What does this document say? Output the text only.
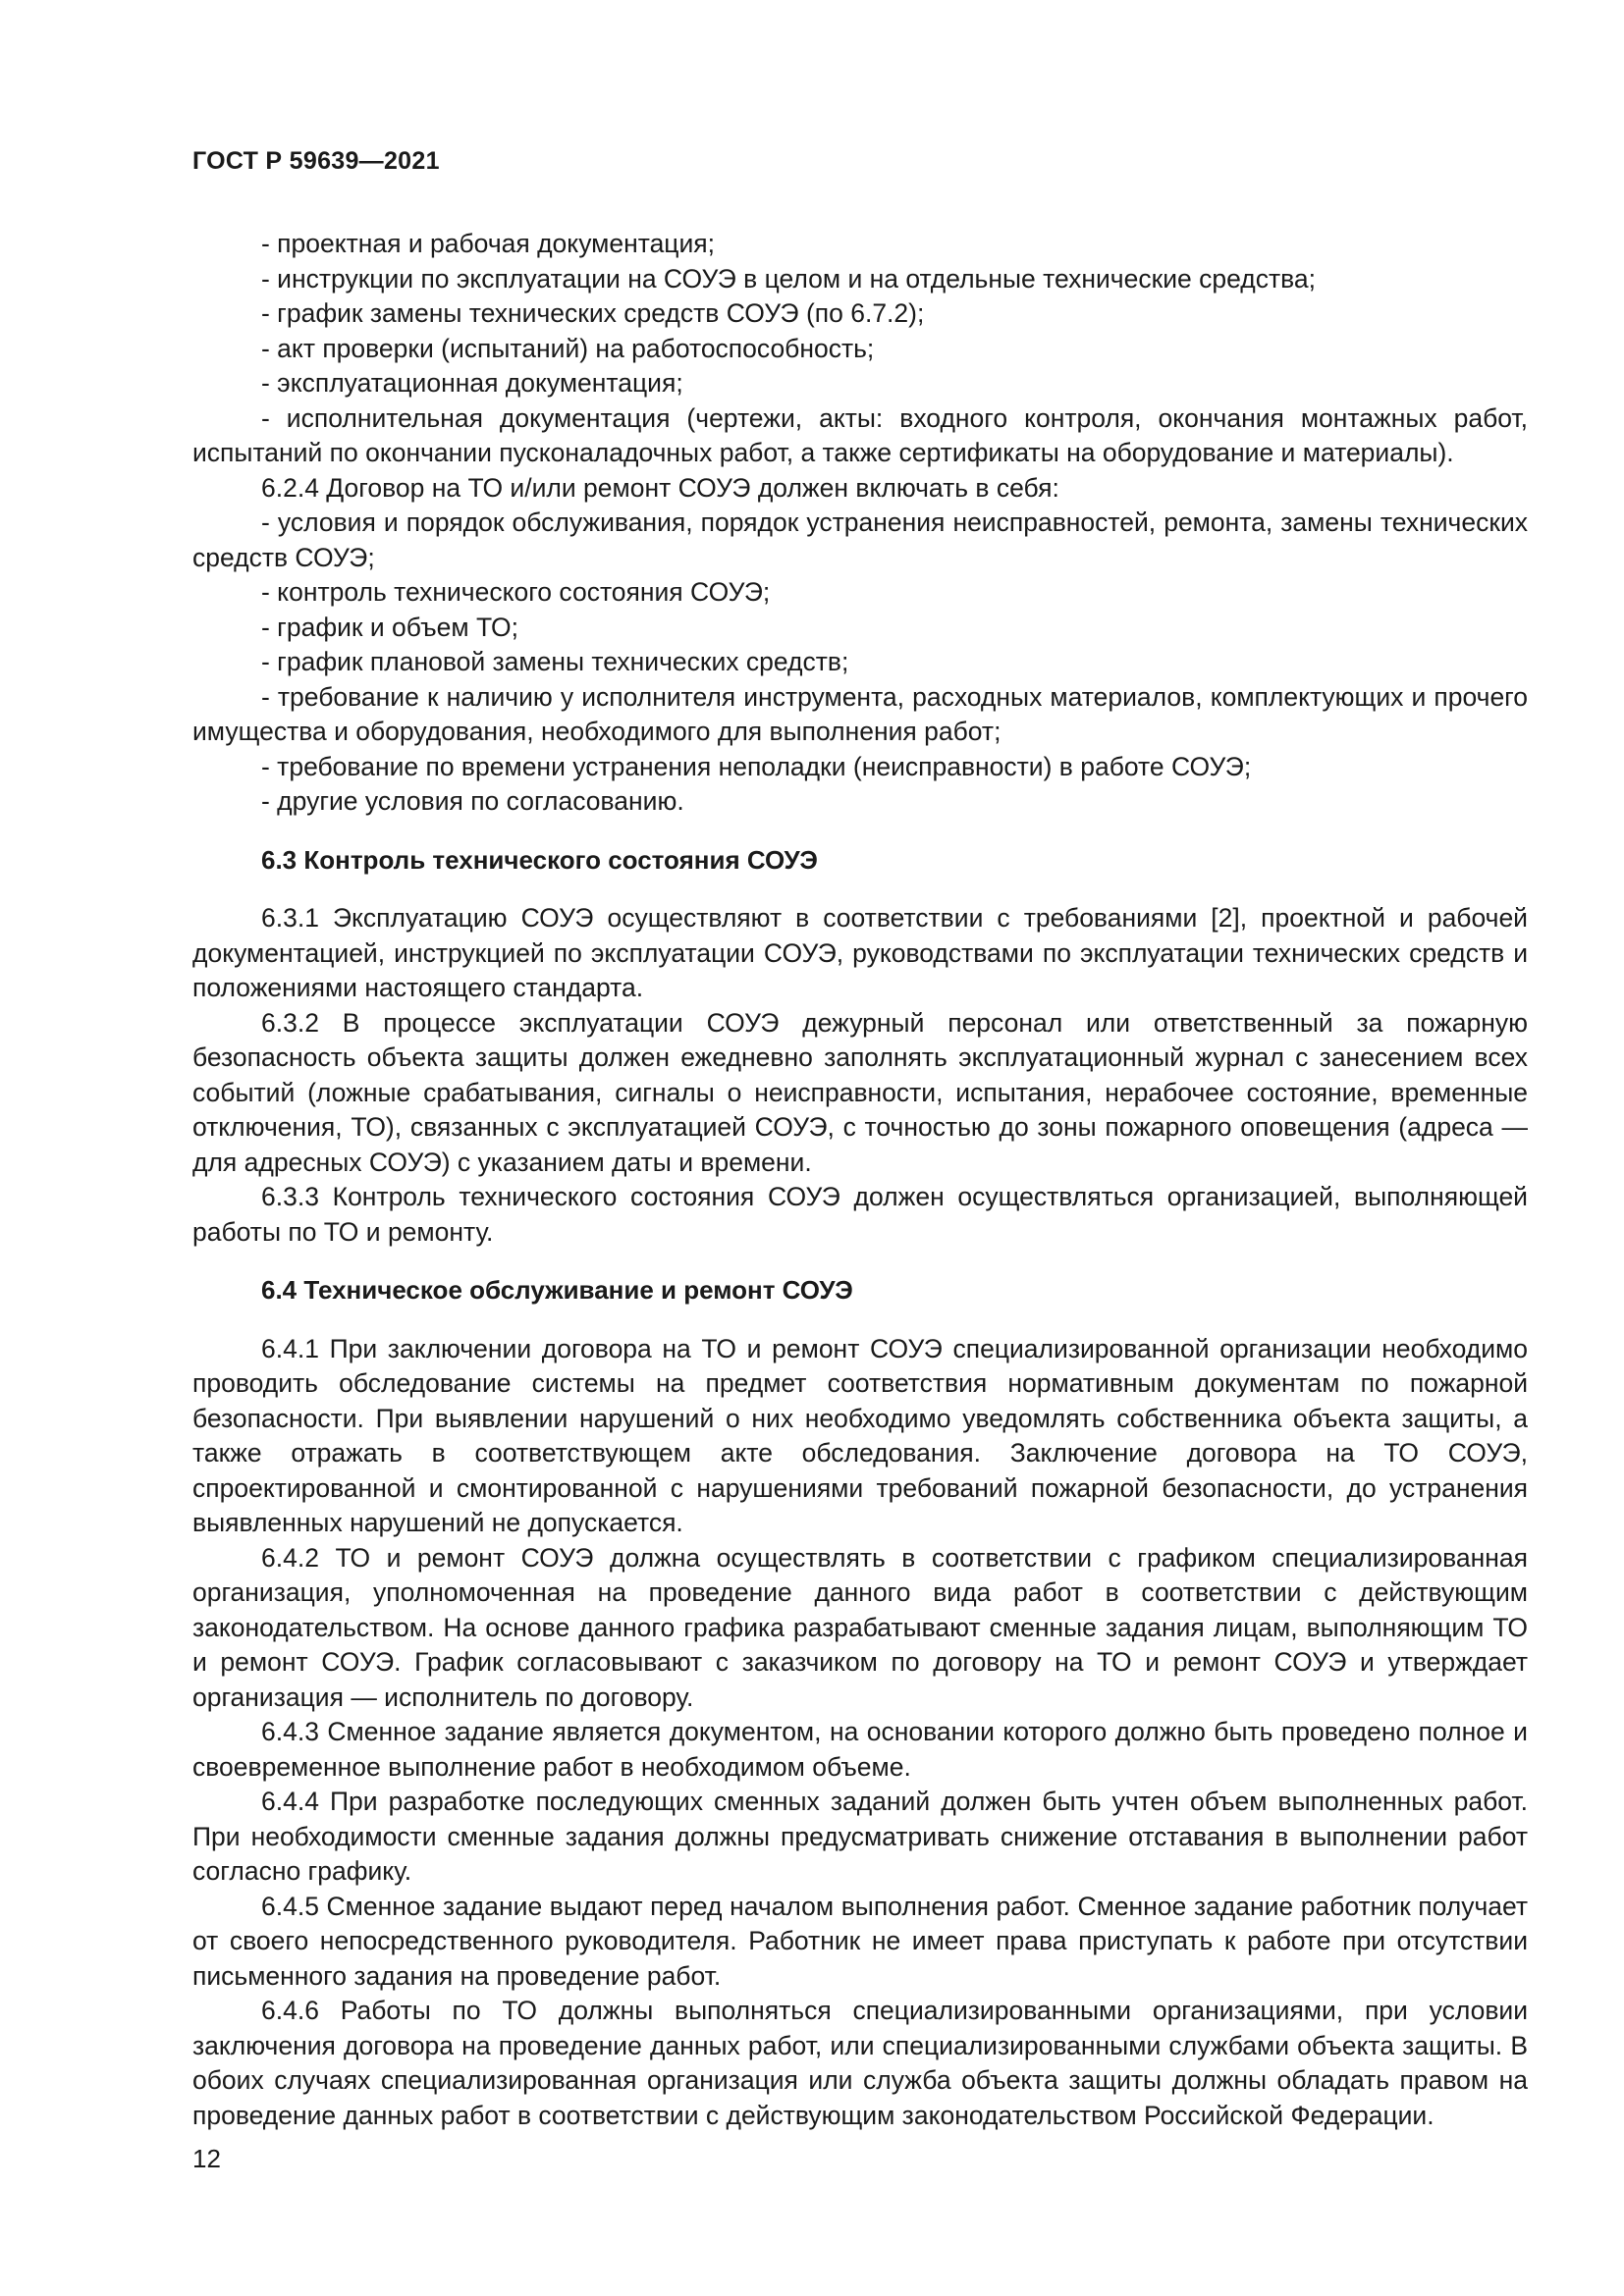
ГОСТ Р 59639—2021

- проектная и рабочая документация;

- инструкции по эксплуатации на СОУЭ в целом и на отдельные технические средства;

- график замены технических средств СОУЭ (по 6.7.2);

- акт проверки (испытаний) на работоспособность;

- эксплуатационная документация;

- исполнительная документация (чертежи, акты: входного контроля, окончания монтажных работ, испытаний по окончании пусконаладочных работ, а также сертификаты на оборудование и материалы).

6.2.4 Договор на ТО и/или ремонт СОУЭ должен включать в себя:

- условия и порядок обслуживания, порядок устранения неисправностей, ремонта, замены технических средств СОУЭ;

- контроль технического состояния СОУЭ;

- график и объем ТО;

- график плановой замены технических средств;

- требование к наличию у исполнителя инструмента, расходных материалов, комплектующих и прочего имущества и оборудования, необходимого для выполнения работ;

- требование по времени устранения неполадки (неисправности) в работе СОУЭ;

- другие условия по согласованию.

6.3 Контроль технического состояния СОУЭ

6.3.1 Эксплуатацию СОУЭ осуществляют в соответствии с требованиями [2], проектной и рабочей документацией, инструкцией по эксплуатации СОУЭ, руководствами по эксплуатации технических средств и положениями настоящего стандарта.

6.3.2 В процессе эксплуатации СОУЭ дежурный персонал или ответственный за пожарную безопасность объекта защиты должен ежедневно заполнять эксплуатационный журнал с занесением всех событий (ложные срабатывания, сигналы о неисправности, испытания, нерабочее состояние, временные отключения, ТО), связанных с эксплуатацией СОУЭ, с точностью до зоны пожарного оповещения (адреса — для адресных СОУЭ) с указанием даты и времени.

6.3.3 Контроль технического состояния СОУЭ должен осуществляться организацией, выполняющей работы по ТО и ремонту.

6.4 Техническое обслуживание и ремонт СОУЭ

6.4.1 При заключении договора на ТО и ремонт СОУЭ специализированной организации необходимо проводить обследование системы на предмет соответствия нормативным документам по пожарной безопасности. При выявлении нарушений о них необходимо уведомлять собственника объекта защиты, а также отражать в соответствующем акте обследования. Заключение договора на ТО СОУЭ, спроектированной и смонтированной с нарушениями требований пожарной безопасности, до устранения выявленных нарушений не допускается.

6.4.2 ТО и ремонт СОУЭ должна осуществлять в соответствии с графиком специализированная организация, уполномоченная на проведение данного вида работ в соответствии с действующим законодательством. На основе данного графика разрабатывают сменные задания лицам, выполняющим ТО и ремонт СОУЭ. График согласовывают с заказчиком по договору на ТО и ремонт СОУЭ и утверждает организация — исполнитель по договору.

6.4.3 Сменное задание является документом, на основании которого должно быть проведено полное и своевременное выполнение работ в необходимом объеме.

6.4.4 При разработке последующих сменных заданий должен быть учтен объем выполненных работ. При необходимости сменные задания должны предусматривать снижение отставания в выполнении работ согласно графику.

6.4.5 Сменное задание выдают перед началом выполнения работ. Сменное задание работник получает от своего непосредственного руководителя. Работник не имеет права приступать к работе при отсутствии письменного задания на проведение работ.

6.4.6 Работы по ТО должны выполняться специализированными организациями, при условии заключения договора на проведение данных работ, или специализированными службами объекта защиты. В обоих случаях специализированная организация или служба объекта защиты должны обладать правом на проведение данных работ в соответствии с действующим законодательством Российской Федерации.

12
